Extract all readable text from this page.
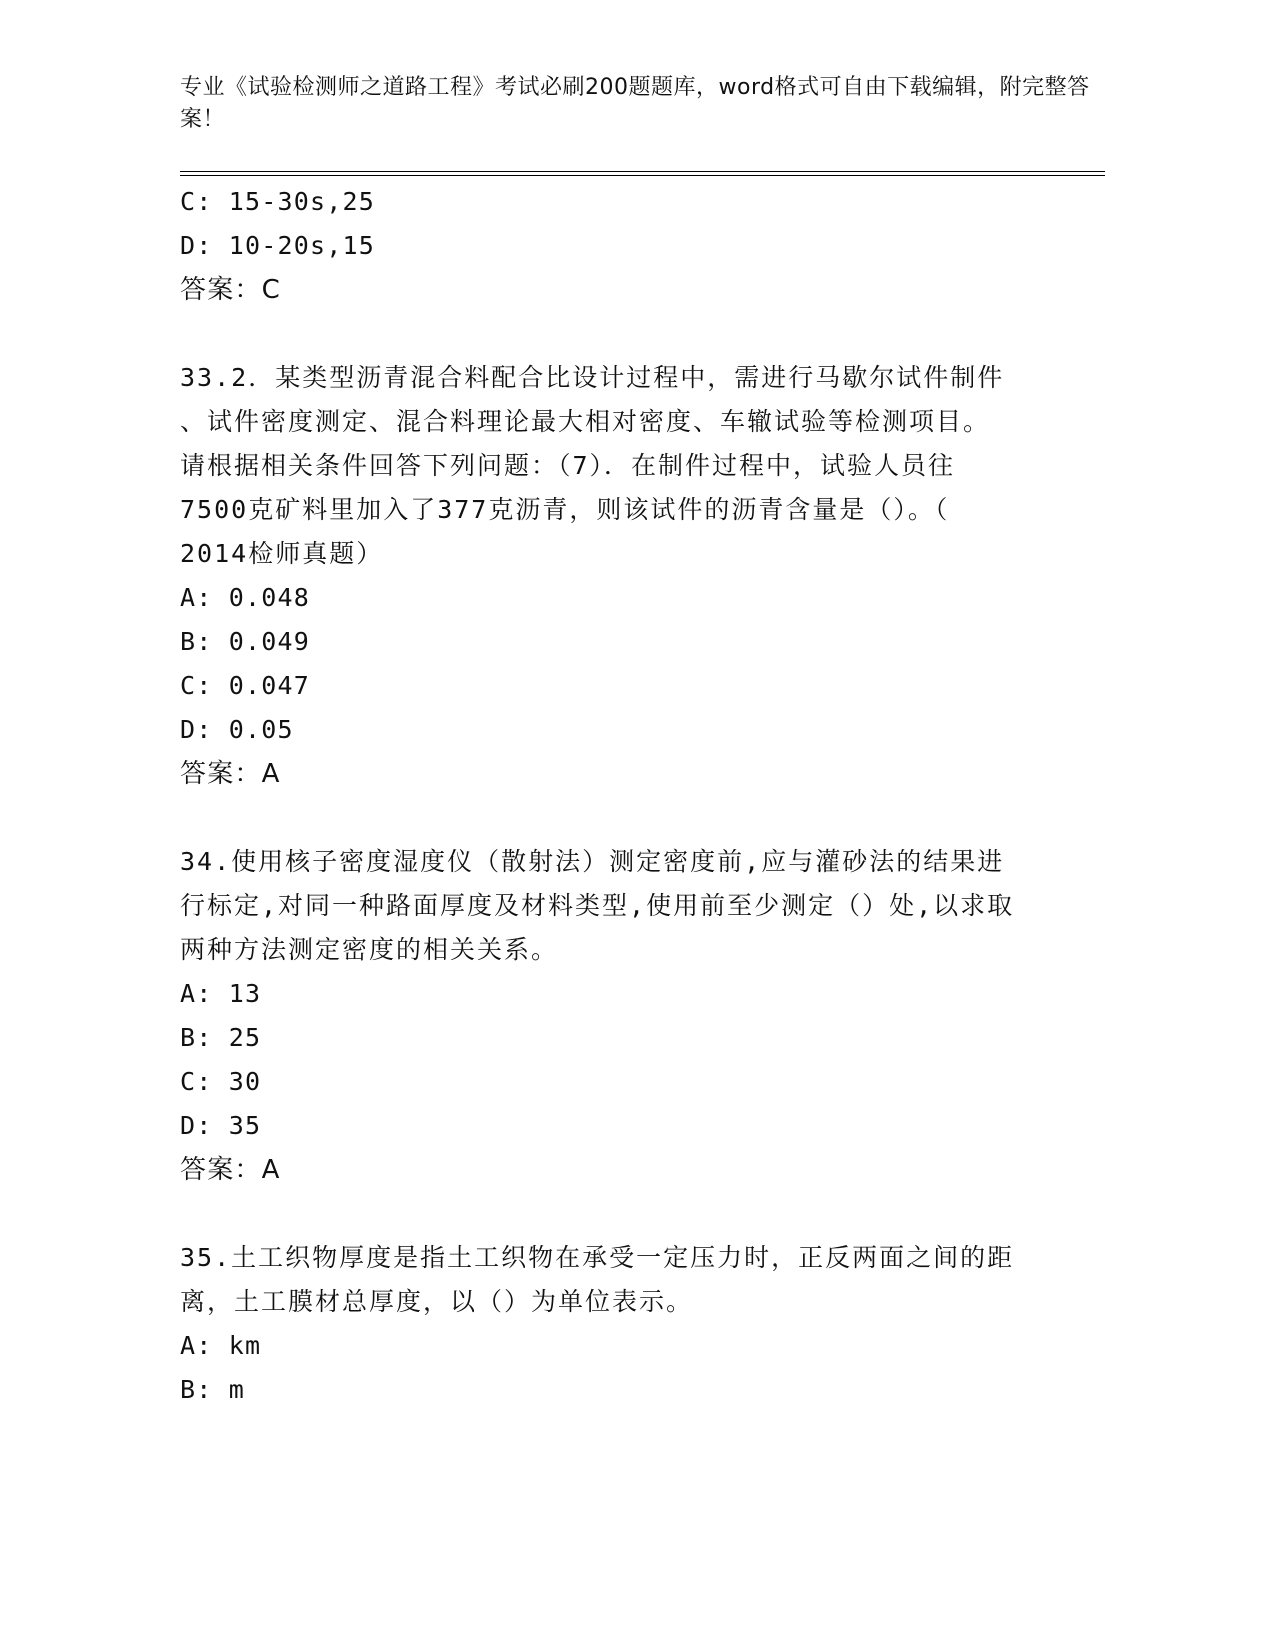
专业《试验检测师之道路工程》考试必刷200题题库，word格式可自由下载编辑，附完整答案！

C: 15-30s,25

D: 10-20s,15

答案：C

33.2．某类型沥青混合料配合比设计过程中，需进行马歇尔试件制件

、试件密度测定、混合料理论最大相对密度、车辙试验等检测项目。

请根据相关条件回答下列问题：（7）．在制件过程中，试验人员往

7500克矿料里加入了377克沥青，则该试件的沥青含量是（）。（

2014检师真题）

A: 0.048

B: 0.049

C: 0.047

D: 0.05

答案：A

34.使用核子密度湿度仪（散射法）测定密度前,应与灌砂法的结果进

行标定,对同一种路面厚度及材料类型,使用前至少测定（）处,以求取

两种方法测定密度的相关关系。

A: 13

B: 25

C: 30

D: 35

答案：A

35.土工织物厚度是指土工织物在承受一定压力时，正反两面之间的距

离，土工膜材总厚度，以（）为单位表示。

A: km

B: m
